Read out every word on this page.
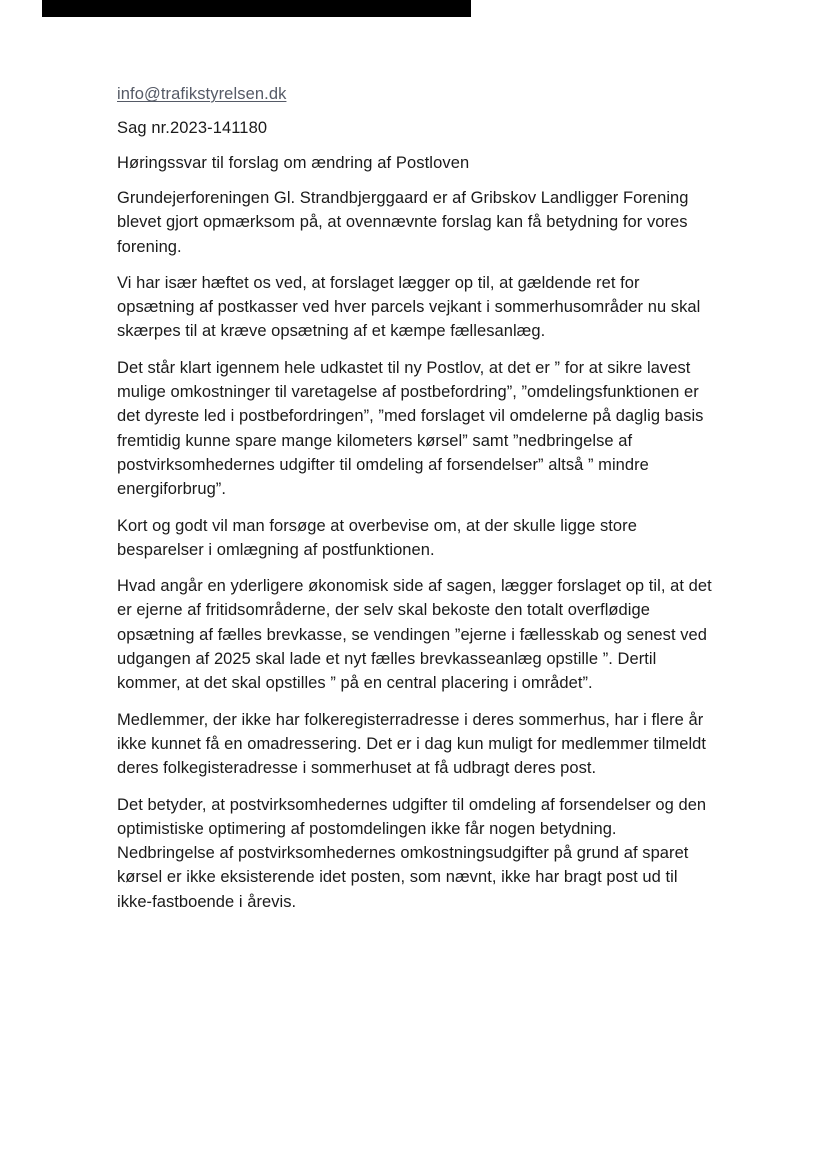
info@trafikstyrelsen.dk
Sag nr.2023-141180
Høringssvar til forslag om ændring af Postloven

Grundejerforeningen Gl. Strandbjerggaard er af Gribskov Landligger Forening blevet gjort opmærksom på, at ovennævnte forslag kan få betydning for vores forening.

Vi har især hæftet os ved, at forslaget lægger op til, at gældende ret for opsætning af postkasser ved hver parcels vejkant i sommerhusområder nu skal skærpes til at kræve opsætning af et kæmpe fællesanlæg.

Det står klart igennem hele udkastet til ny Postlov, at det er ” for at sikre lavest mulige omkostninger til varetagelse af postbefordring”, ”omdelingsfunktionen er det dyreste led i postbefordringen”, ”med forslaget vil omdelerne på daglig basis fremtidig kunne spare mange kilometers kørsel” samt ”nedbringelse af postvirksomhedernes udgifter til omdeling af forsendelser” altså ” mindre energiforbrug”.

Kort og godt vil man forsøge at overbevise om, at der skulle ligge store besparelser i omlægning af postfunktionen.

Hvad angår en yderligere økonomisk side af sagen, lægger forslaget op til, at det er ejerne af fritidsområderne, der selv skal bekoste den totalt overflødige opsætning af fælles brevkasse, se vendingen ”ejerne i fællesskab og senest ved udgangen af 2025 skal lade et nyt fælles brevkasseanlæg opstille ”. Dertil kommer, at det skal opstilles ” på en central placering i området”.

Medlemmer, der ikke har folkeregisterradresse i deres sommerhus, har i flere år ikke kunnet få en omadressering. Det er i dag kun muligt for medlemmer tilmeldt deres folkegisteradresse i sommerhuset at få udbragt deres post.

Det betyder, at postvirksomhedernes udgifter til omdeling af forsendelser og den optimistiske optimering af postomdelingen ikke får nogen betydning. Nedbringelse af postvirksomhedernes omkostningsudgifter på grund af sparet kørsel er ikke eksisterende idet posten, som nævnt, ikke har bragt post ud til ikke-fastboende i årevis.
